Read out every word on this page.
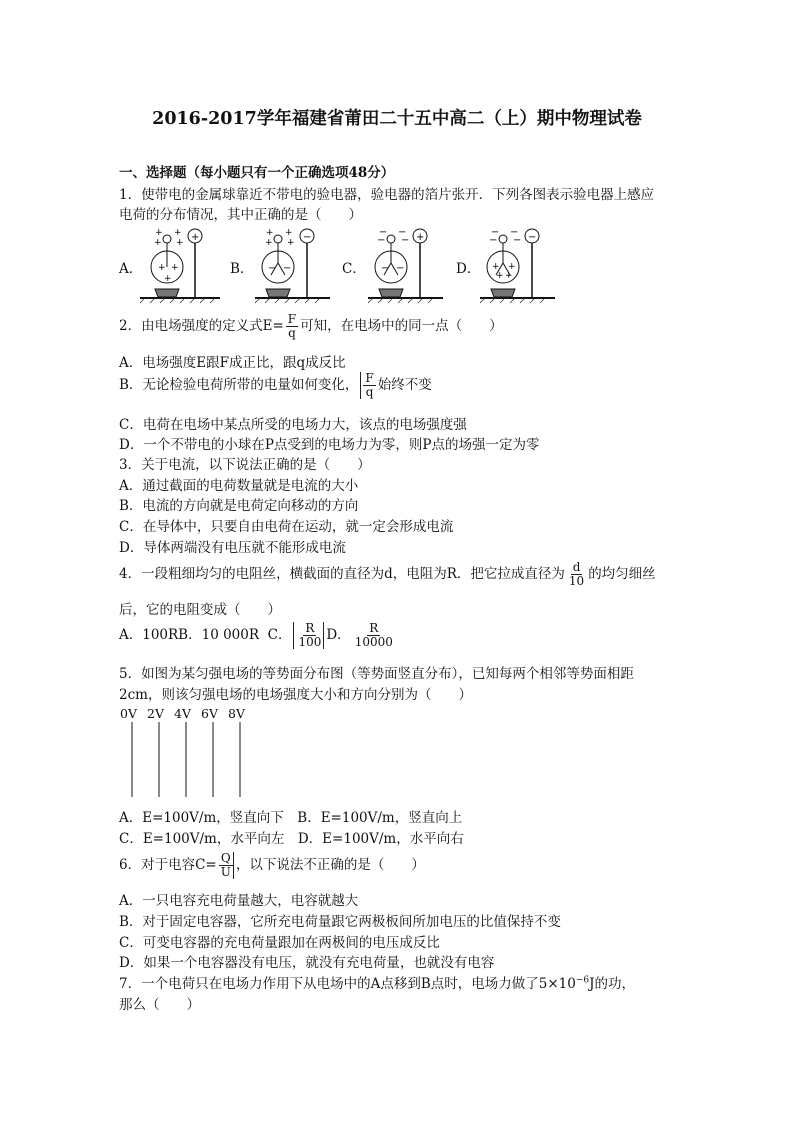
2016-2017学年福建省莆田二十五中高二（上）期中物理试卷
一、选择题（每小题只有一个正确选项48分）
1．使带电的金属球靠近不带电的验电器，验电器的箔片张开．下列各图表示验电器上感应
电荷的分布情况，其中正确的是（　　）
A．	B．	C．	D．
+ +
+ +
+ +
+
+	+ +
+ +
− −
−	− −
− −
− −
+	− −
− −
+ +
+ +
−
2．由电场强度的定义式$E= \frac{F}{q}$ 可知，在电场中的同一点（　　）
A．电场强度E跟F成正比，跟q成反比
B．无论检验电荷所带的电量如何变化， $\frac{F}{q}$ 始终不变
C．电荷在电场中某点所受的电场力大，该点的电场强度强
D．一个不带电的小球在P点受到的电场力为零，则P点的场强一定为零
3．关于电流，以下说法正确的是（　　）
A．通过截面的电荷数量就是电流的大小
B．电流的方向就是电荷定向移动的方向
C．在导体中，只要自由电荷在运动，就一定会形成电流
D．导体两端没有电压就不能形成电流
4．一段粗细均匀的电阻丝，横截面的直径为d，电阻为R．把它拉成直径为 $\frac{d}{10}$ 的均匀细丝
后，它的电阻变成（　　）
A．100RB．10 000R C． $\frac{R}{100}$ D． $\frac{R}{10000}$
5．如图为某匀强电场的等势面分布图（等势面竖直分布），已知每两个相邻等势面相距
2cm，则该匀强电场的电场强度大小和方向分别为（　　）
0V 2V 4V 6V 8V
A．E=100V/m，竖直向下　B．E=100V/m，竖直向上
C．E=100V/m，水平向左　D．E=100V/m，水平向右
6．对于电容$C= \frac{Q}{U}$ ，以下说法不正确的是（　　）
A．一只电容充电荷量越大，电容就越大
B．对于固定电容器，它所充电荷量跟它两极板间所加电压的比值保持不变
C．可变电容器的充电荷量跟加在两极间的电压成反比
D．如果一个电容器没有电压，就没有充电荷量，也就没有电容
7．一个电荷只在电场力作用下从电场中的A点移到B点时，电场力做了$5\times 10^{-6}J$的功，
那么（　　）
